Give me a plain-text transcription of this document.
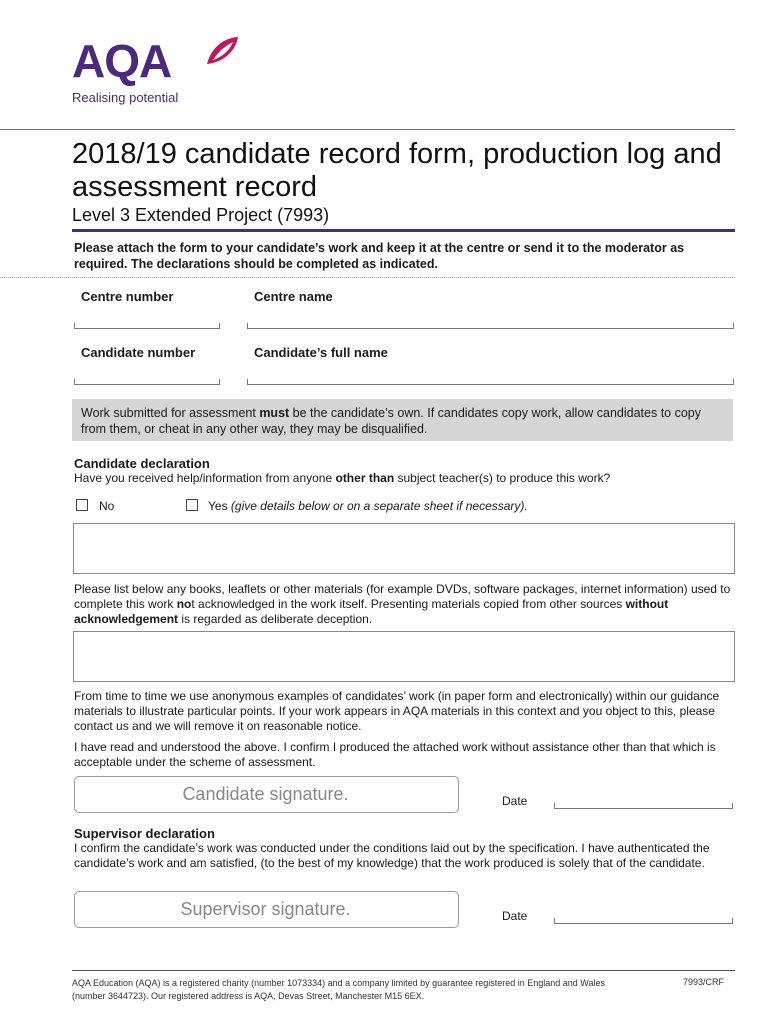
AQA
Realising potential
2018/19 candidate record form, production log and assessment record
Level 3 Extended Project (7993)
Please attach the form to your candidate’s work and keep it at the centre or send it to the moderator as required. The declarations should be completed as indicated.
Centre number	Centre name
Candidate number	Candidate’s full name
Work submitted for assessment must be the candidate’s own. If candidates copy work, allow candidates to copy from them, or cheat in any other way, they may be disqualified.
Candidate declaration
Have you received help/information from anyone other than subject teacher(s) to produce this work?
No	Yes (give details below or on a separate sheet if necessary).
Please list below any books, leaflets or other materials (for example DVDs, software packages, internet information) used to complete this work not acknowledged in the work itself. Presenting materials copied from other sources without acknowledgement is regarded as deliberate deception.
From time to time we use anonymous examples of candidates’ work (in paper form and electronically) within our guidance materials to illustrate particular points. If your work appears in AQA materials in this context and you object to this, please contact us and we will remove it on reasonable notice.
I have read and understood the above. I confirm I produced the attached work without assistance other than that which is acceptable under the scheme of assessment.
Candidate signature.	Date
Supervisor declaration
I confirm the candidate’s work was conducted under the conditions laid out by the specification. I have authenticated the candidate’s work and am satisfied, (to the best of my knowledge) that the work produced is solely that of the candidate.
Supervisor signature.	Date
AQA Education (AQA) is a registered charity (number 1073334) and a company limited by guarantee registered in England and Wales (number 3644723). Our registered address is AQA, Devas Street, Manchester M15 6EX.
7993/CRF
